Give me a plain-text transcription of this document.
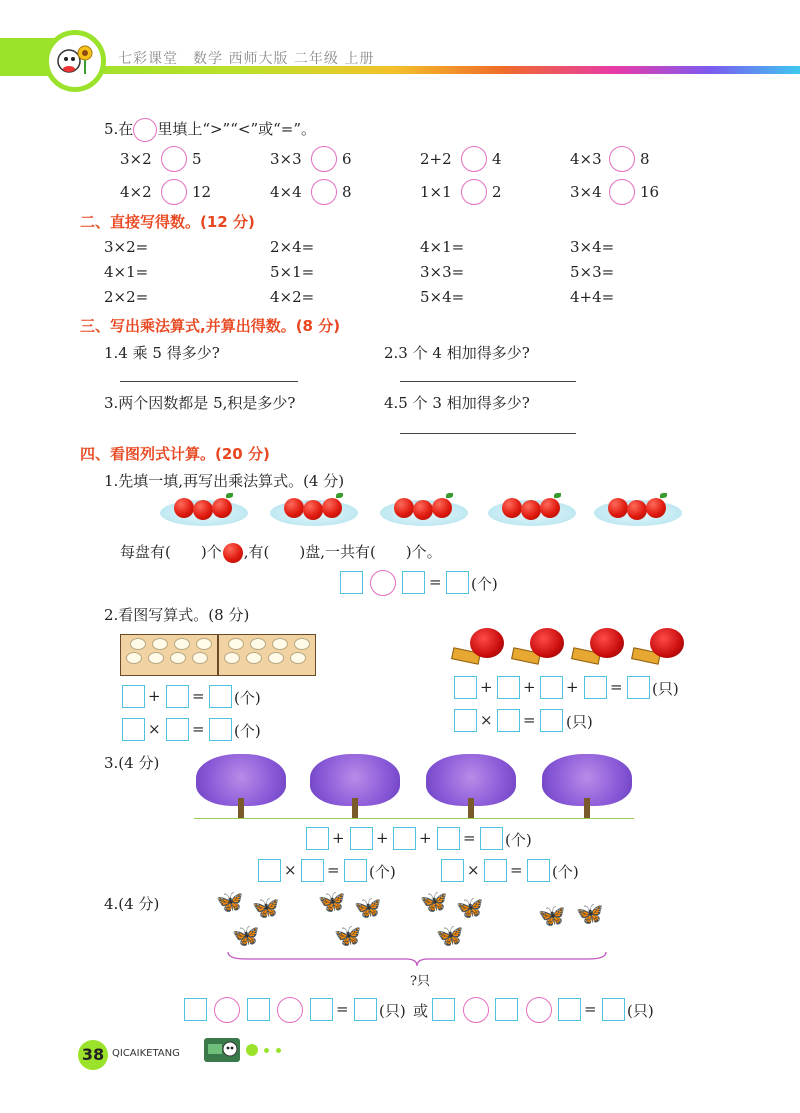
七彩课堂　数学 西师大版 二年级 上册
5.在 里填上“>”“<”或“=”。
3×2	5	3×3	6	2+2	4	4×3	8
4×2	12	4×4	8	1×1	2	3×4	16
二、直接写得数。(12 分)
3×2=	2×4=	4×1=	3×4=
4×1=	5×1=	3×3=	5×3=
2×2=	4×2=	5×4=	4+4=
三、写出乘法算式,并算出得数。(8 分)
1.4 乘 5 得多少?	2.3 个 4 相加得多少?
3.两个因数都是 5,积是多少?	4.5 个 3 相加得多少?
四、看图列式计算。(20 分)
1.先填一填,再写出乘法算式。(4 分)
每盘有(　　)个 ,有(　　)盘,一共有(　　)个。
= (个)
2.看图写算式。(8 分)
+ = (个)
× = (个)
+ + + = (只)
× = (只)
3.(4 分)
+ + + = (个)
× = (个)	× = (个)
4.(4 分)	🦋 🦋
🦋
🦋 🦋
🦋
🦋 🦋
🦋
🦋 🦋
?只
= (只) 或	= (只)
38 QICAIKETANG
